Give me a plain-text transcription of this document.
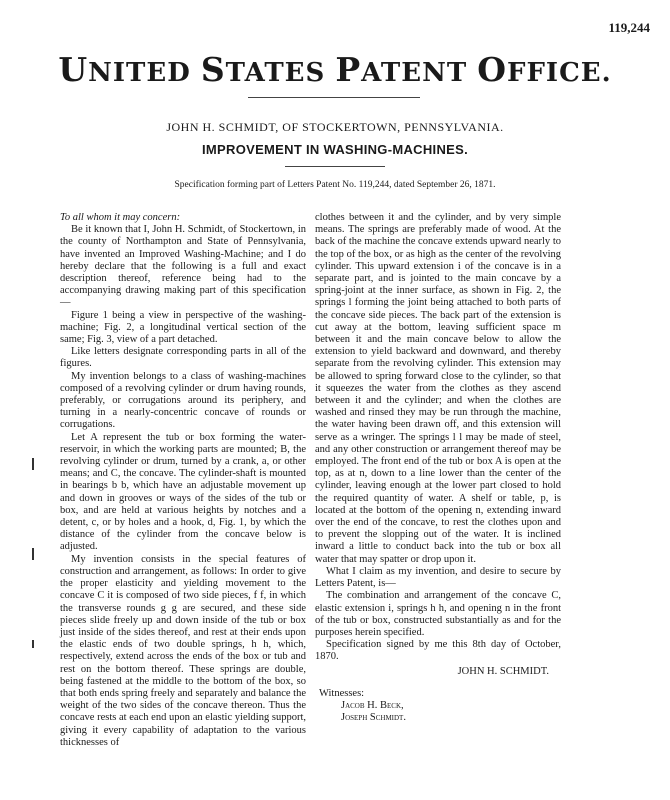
119,244
UNITED STATES PATENT OFFICE.
JOHN H. SCHMIDT, OF STOCKERTOWN, PENNSYLVANIA.
IMPROVEMENT IN WASHING-MACHINES.
Specification forming part of Letters Patent No. 119,244, dated September 26, 1871.

To all whom it may concern:

Be it known that I, John H. Schmidt, of Stockertown, in the county of Northampton and State of Pennsylvania, have invented an Improved Washing-Machine; and I do hereby declare that the following is a full and exact description thereof, reference being had to the accompanying drawing making part of this specification—

Figure 1 being a view in perspective of the washing-machine; Fig. 2, a longitudinal vertical section of the same; Fig. 3, view of a part detached.

Like letters designate corresponding parts in all of the figures.

My invention belongs to a class of washing-machines composed of a revolving cylinder or drum having rounds, preferably, or corrugations around its periphery, and turning in a nearly-concentric concave of rounds or corrugations.

Let A represent the tub or box forming the water-reservoir, in which the working parts are mounted; B, the revolving cylinder or drum, turned by a crank, a, or other means; and C, the concave. The cylinder-shaft is mounted in bearings b b, which have an adjustable movement up and down in grooves or ways of the sides of the tub or box, and are held at various heights by notches and a detent, c, or by holes and a hook, d, Fig. 1, by which the distance of the cylinder from the concave below is adjusted.

My invention consists in the special features of construction and arrangement, as follows: In order to give the proper elasticity and yielding movement to the concave C it is composed of two side pieces, f f, in which the transverse rounds g g are secured, and these side pieces slide freely up and down inside of the tub or box just inside of the sides thereof, and rest at their ends upon the elastic ends of two double springs, h h, which, respectively, extend across the ends of the box or tub and rest on the bottom thereof. These springs are double, being fastened at the middle to the bottom of the box, so that both ends spring freely and separately and balance the weight of the two sides of the concave thereon. Thus the concave rests at each end upon an elastic yielding support, giving it every capability of adaptation to the various thicknesses of

clothes between it and the cylinder, and by very simple means. The springs are preferably made of wood. At the back of the machine the concave extends upward nearly to the top of the box, or as high as the center of the revolving cylinder. This upward extension i of the concave is in a separate part, and is jointed to the main concave by a spring-joint at the inner surface, as shown in Fig. 2, the springs l forming the joint being attached to both parts of the concave side pieces. The back part of the extension is cut away at the bottom, leaving sufficient space m between it and the main concave below to allow the extension to yield backward and downward, and thereby separate from the revolving cylinder. This extension may be allowed to spring forward close to the cylinder, so that it squeezes the water from the clothes as they ascend between it and the cylinder; and when the clothes are washed and rinsed they may be run through the machine, the water having been drawn off, and this extension will serve as a wringer. The springs l l may be made of steel, and any other construction or arrangement thereof may be employed. The front end of the tub or box A is open at the top, as at n, down to a line lower than the center of the cylinder, leaving enough at the lower part closed to hold the required quantity of water. A shelf or table, p, is located at the bottom of the opening n, extending inward over the end of the concave, to rest the clothes upon and to prevent the slopping out of the water. It is inclined inward a little to conduct back into the tub or box all water that may spatter or drop upon it.

What I claim as my invention, and desire to secure by Letters Patent, is—

The combination and arrangement of the concave C, elastic extension i, springs h h, and opening n in the front of the tub or box, constructed substantially as and for the purposes herein specified.

Specification signed by me this 8th day of October, 1870.

JOHN H. SCHMIDT.
Witnesses:
Jacob H. Beck,
Joseph Schmidt.
